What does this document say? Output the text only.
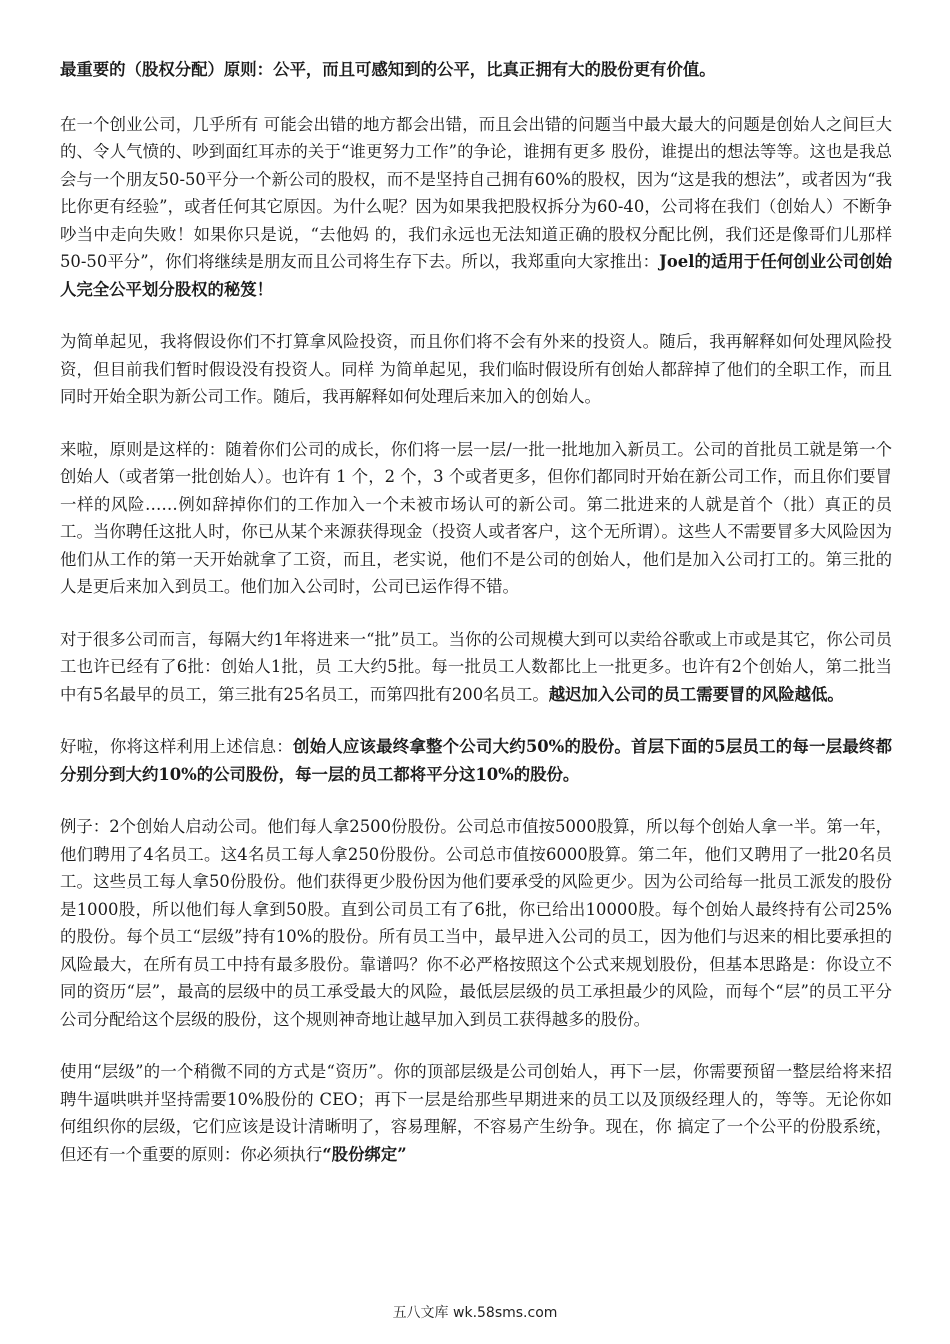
最重要的（股权分配）原则：公平，而且可感知到的公平，比真正拥有大的股份更有价值。

在一个创业公司，几乎所有 可能会出错的地方都会出错，而且会出错的问题当中最大最大的问题是创始人之间巨大的、令人气愤的、吵到面红耳赤的关于“谁更努力工作”的争论，谁拥有更多 股份，谁提出的想法等等。这也是我总会与一个朋友50-50平分一个新公司的股权，而不是坚持自己拥有60%的股权，因为“这是我的想法”，或者因为“我 比你更有经验”，或者任何其它原因。为什么呢？因为如果我把股权拆分为60-40，公司将在我们（创始人）不断争吵当中走向失败！如果你只是说，“去他妈 的，我们永远也无法知道正确的股权分配比例，我们还是像哥们儿那样50-50平分”，你们将继续是朋友而且公司将生存下去。所以，我郑重向大家推出：Joel的适用于任何创业公司创始人完全公平划分股权的秘笈！

为简单起见，我将假设你们不打算拿风险投资，而且你们将不会有外来的投资人。随后，我再解释如何处理风险投资，但目前我们暂时假设没有投资人。同样 为简单起见，我们临时假设所有创始人都辞掉了他们的全职工作，而且同时开始全职为新公司工作。随后，我再解释如何处理后来加入的创始人。

来啦，原则是这样的：随着你们公司的成长，你们将一层一层/一批一批地加入新员工。公司的首批员工就是第一个创始人（或者第一批创始人）。也许有 1 个，2 个，3 个或者更多，但你们都同时开始在新公司工作，而且你们要冒一样的风险……例如辞掉你们的工作加入一个未被市场认可的新公司。第二批进来的人就是首个（批）真正的员工。当你聘任这批人时，你已从某个来源获得现金（投资人或者客户，这个无所谓）。这些人不需要冒多大风险因为他们从工作的第一天开始就拿了工资，而且，老实说，他们不是公司的创始人，他们是加入公司打工的。第三批的人是更后来加入到员工。他们加入公司时，公司已运作得不错。

对于很多公司而言，每隔大约1年将进来一“批”员工。当你的公司规模大到可以卖给谷歌或上市或是其它，你公司员工也许已经有了6批：创始人1批，员 工大约5批。每一批员工人数都比上一批更多。也许有2个创始人，第二批当中有5名最早的员工，第三批有25名员工，而第四批有200名员工。越迟加入公司的员工需要冒的风险越低。

好啦，你将这样利用上述信息：创始人应该最终拿整个公司大约50%的股份。首层下面的5层员工的每一层最终都分别分到大约10%的公司股份，每一层的员工都将平分这10%的股份。

例子：2个创始人启动公司。他们每人拿2500份股份。公司总市值按5000股算，所以每个创始人拿一半。第一年，他们聘用了4名员工。这4名员工每人拿250份股份。公司总市值按6000股算。第二年，他们又聘用了一批20名员工。这些员工每人拿50份股份。他们获得更少股份因为他们要承受的风险更少。因为公司给每一批员工派发的股份是1000股，所以他们每人拿到50股。直到公司员工有了6批，你已给出10000股。每个创始人最终持有公司25%的股份。每个员工“层级”持有10%的股份。所有员工当中，最早进入公司的员工，因为他们与迟来的相比要承担的风险最大，在所有员工中持有最多股份。靠谱吗？你不必严格按照这个公式来规划股份，但基本思路是：你设立不同的资历“层”，最高的层级中的员工承受最大的风险，最低层层级的员工承担最少的风险，而每个“层”的员工平分公司分配给这个层级的股份，这个规则神奇地让越早加入到员工获得越多的股份。

使用“层级”的一个稍微不同的方式是“资历”。你的顶部层级是公司创始人，再下一层，你需要预留一整层给将来招聘牛逼哄哄并坚持需要10%股份的 CEO；再下一层是给那些早期进来的员工以及顶级经理人的，等等。无论你如何组织你的层级，它们应该是设计清晰明了，容易理解，不容易产生纷争。现在，你 搞定了一个公平的份股系统，但还有一个重要的原则：你必须执行“股份绑定”

五八文库 wk.58sms.com
